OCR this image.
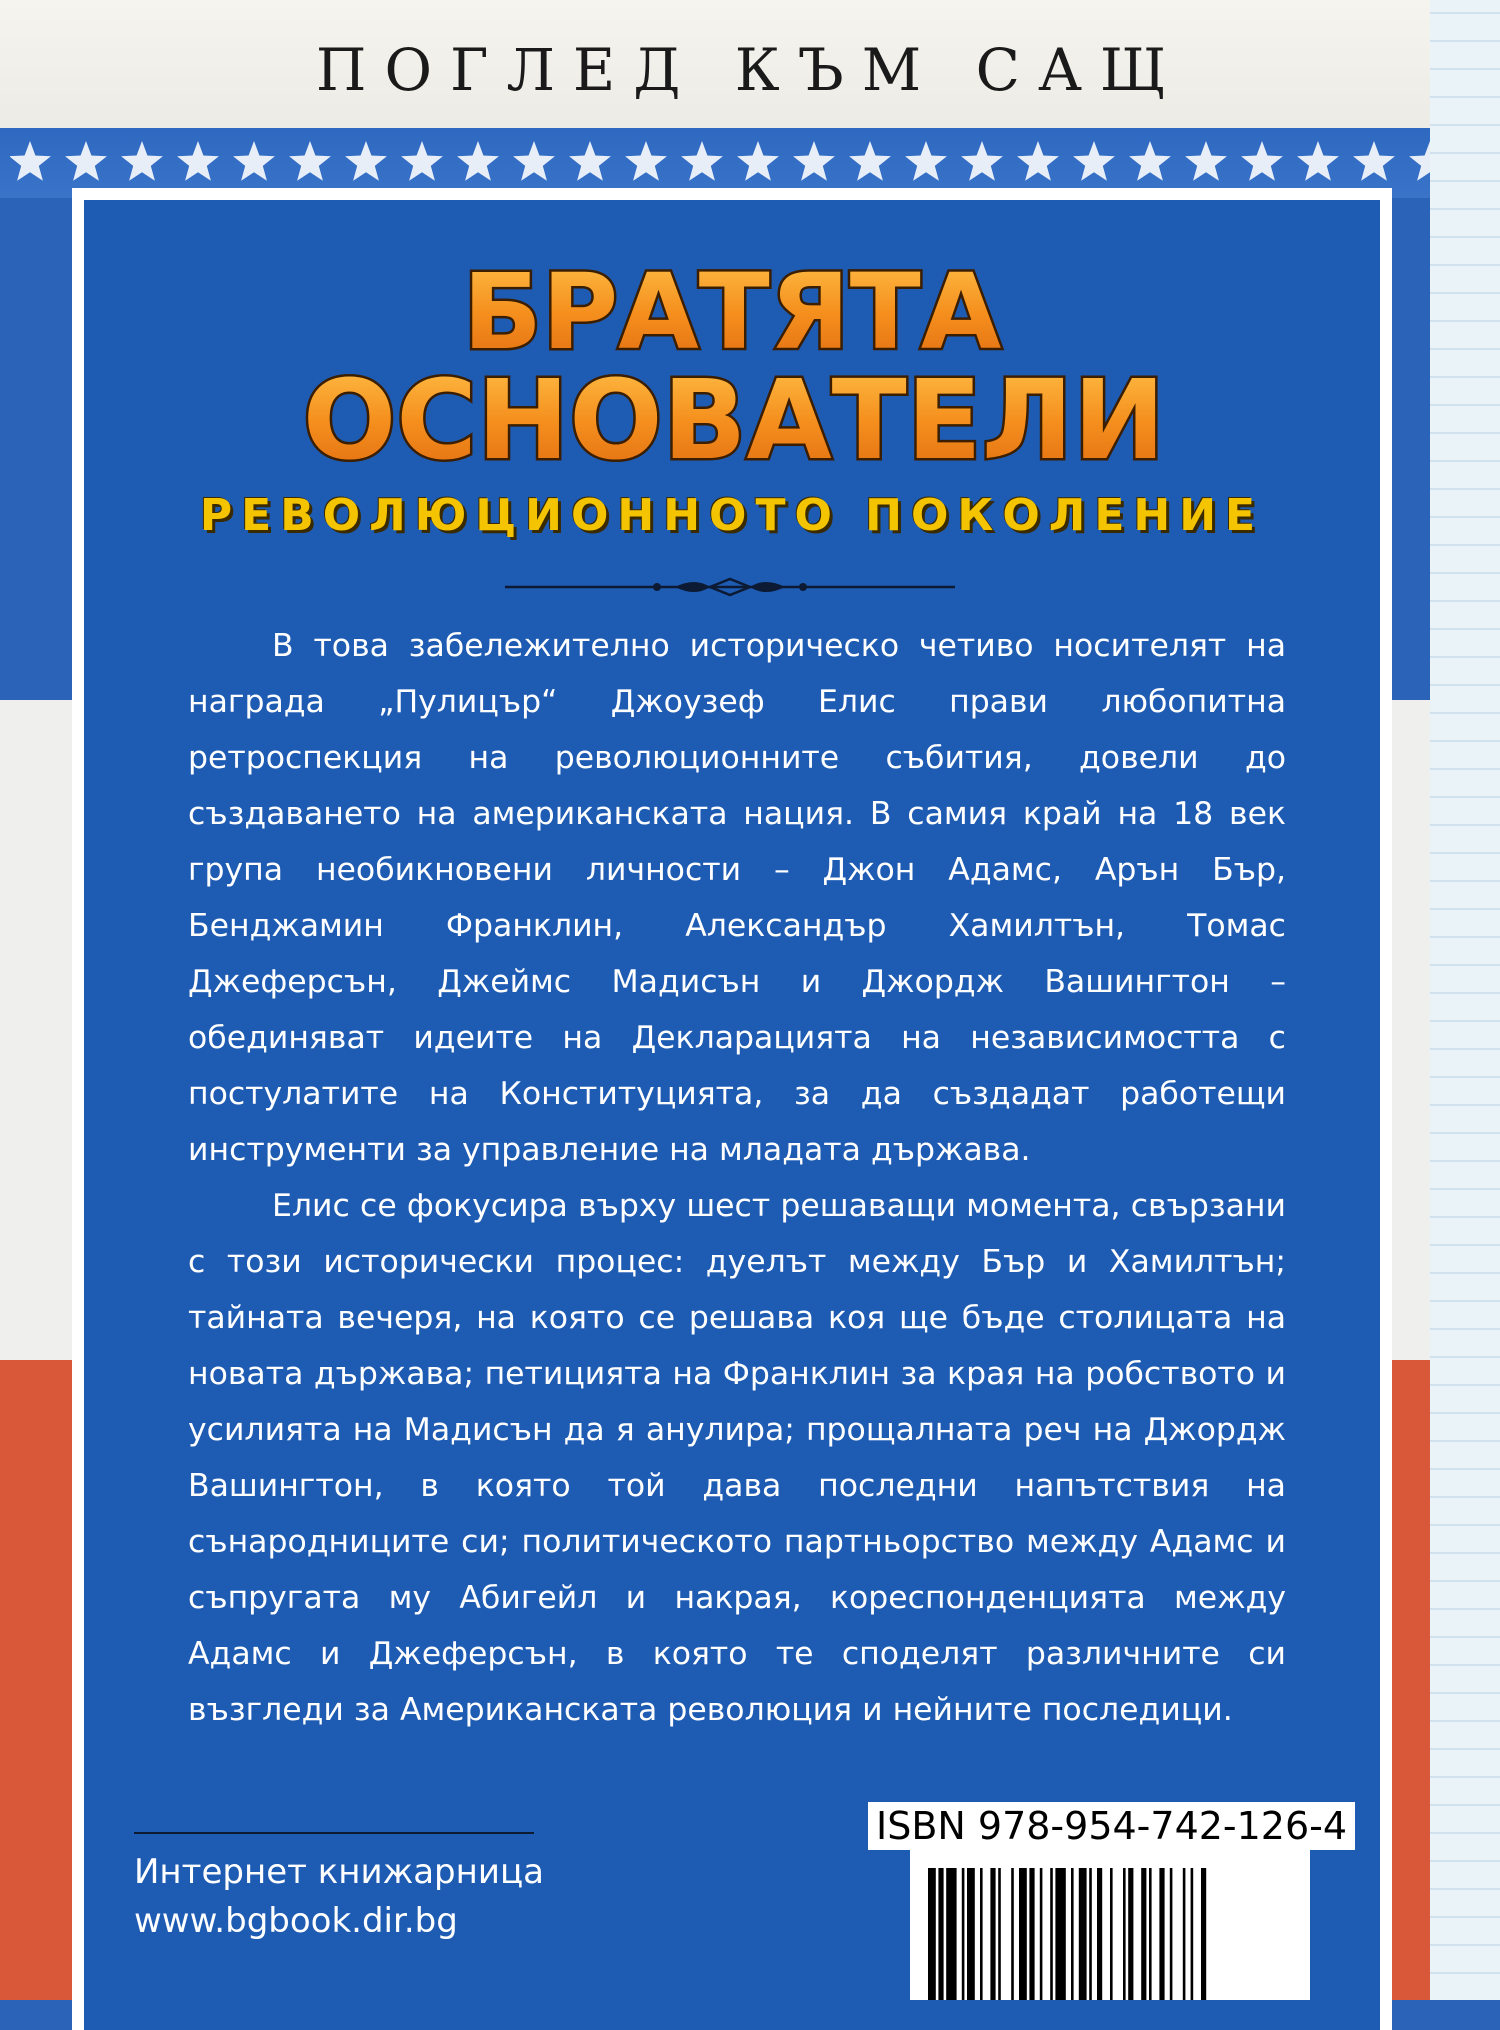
ПОГЛЕД КЪМ САЩ
БРАТЯТА
ОСНОВАТЕЛИ
РЕВОЛЮЦИОННОТО ПОКОЛЕНИЕ

В това забележително историческо четиво носителят на награда „Пулицър“ Джоузеф Елис прави любопитна ретроспекция на революционните събития, довели до създаването на американската нация. В самия край на 18 век група необикновени личности – Джон Адамс, Арън Бър, Бенджамин Франклин, Александър Хамилтън, Томас Джеферсън, Джеймс Мадисън и Джордж Вашингтон – обединяват идеите на Декларацията на независимостта с постулатите на Конституцията, за да създадат работещи инструменти за управление на младата държава.

Елис се фокусира върху шест решаващи момента, свързани с този исторически процес: дуелът между Бър и Хамилтън; тайната вечеря, на която се решава коя ще бъде столицата на новата държава; петицията на Франклин за края на робството и усилията на Мадисън да я анулира; прощалната реч на Джордж Вашингтон, в която той дава последни напътствия на сънародниците си; политическото партньорство между Адамс и съпругата му Абигейл и накрая, кореспонденцията между Адамс и Джеферсън, в която те споделят различните си възгледи за Американската революция и нейните последици.

Интернет книжарница
www.bgbook.dir.bg
ISBN 978-954-742-126-4
